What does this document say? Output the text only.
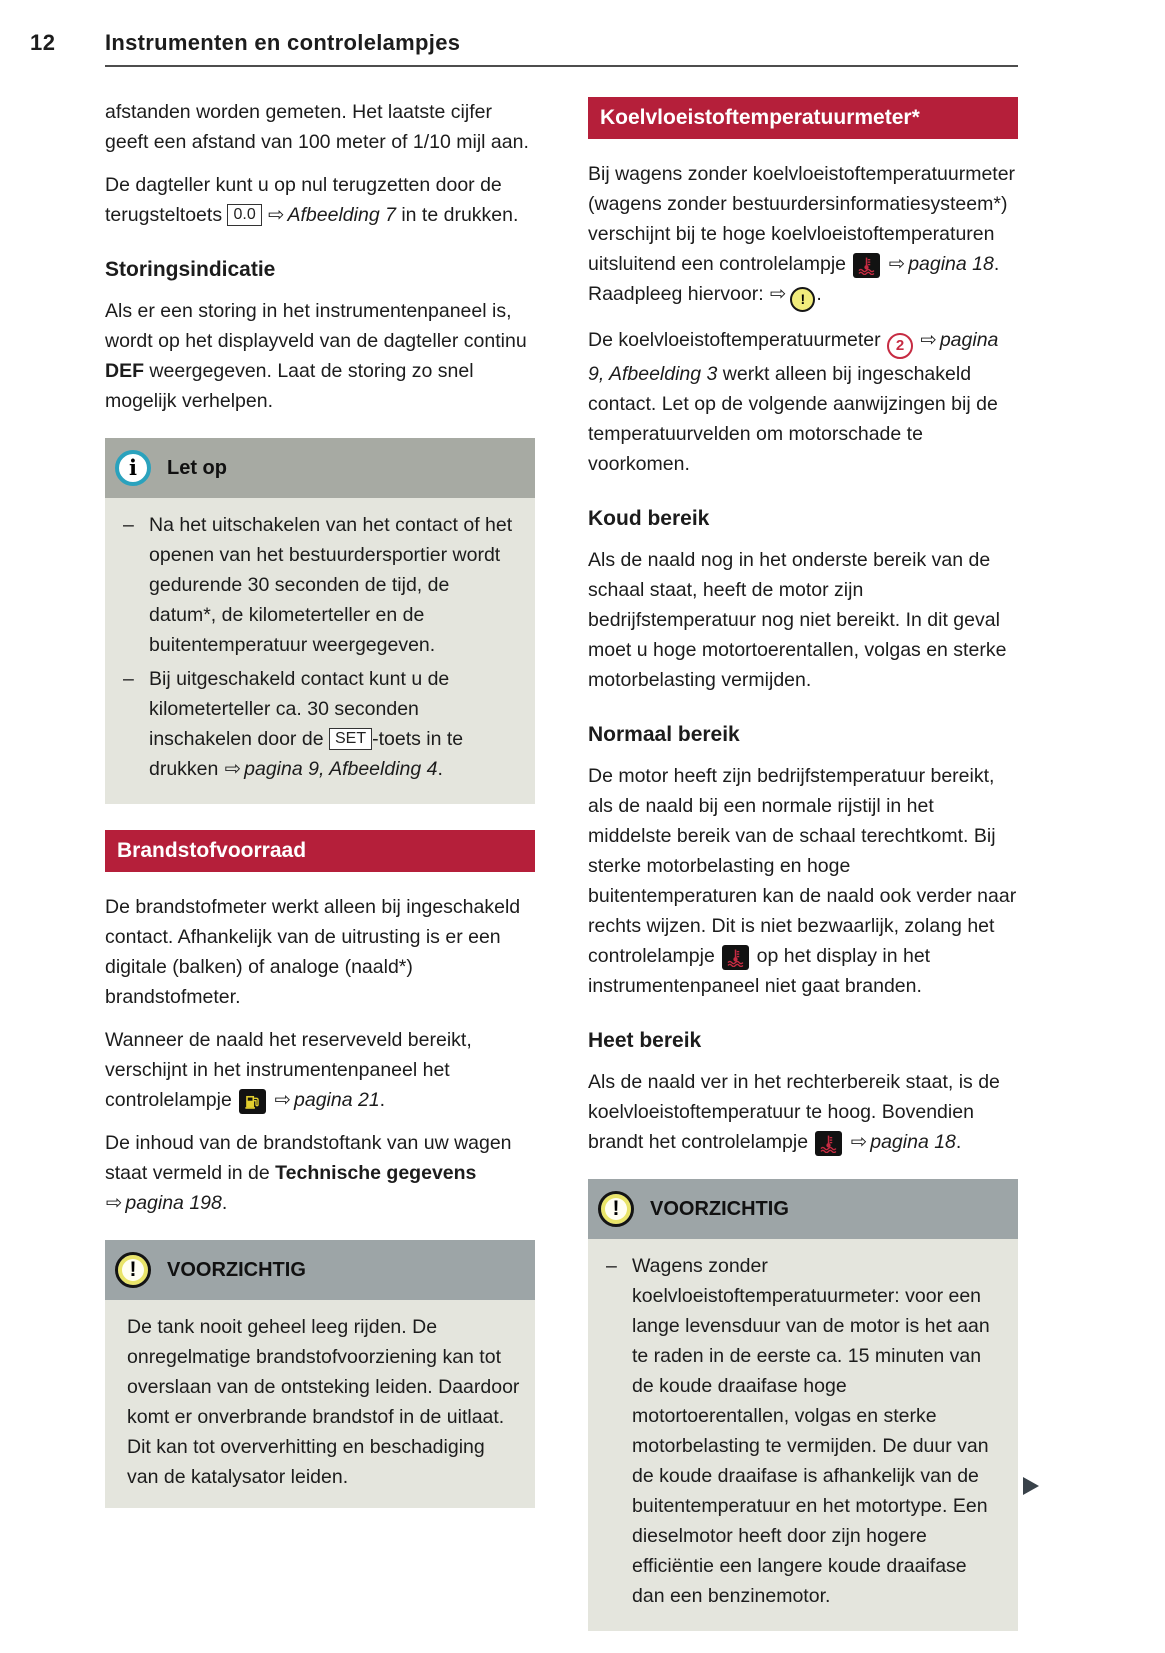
12	Instrumenten en controlelampjes

afstanden worden gemeten. Het laatste cijfer geeft een afstand van 100 meter of 1/10 mijl aan.

De dagteller kunt u op nul terugzetten door de terugsteltoets 0.0 ⇨ Afbeelding 7 in te drukken.

Storingsindicatie

Als er een storing in het instrumentenpaneel is, wordt op het displayveld van de dagteller continu DEF weergegeven. Laat de storing zo snel mogelijk verhelpen.

i	Let op
– Na het uitschakelen van het contact of het openen van het bestuurdersportier wordt gedurende 30 seconden de tijd, de datum*, de kilometerteller en de buitentemperatuur weergegeven.
– Bij uitgeschakeld contact kunt u de kilometerteller ca. 30 seconden inschakelen door de SET -toets in te drukken ⇨ pagina 9, Afbeelding 4.
Brandstofvoorraad

De brandstofmeter werkt alleen bij ingeschakeld contact. Afhankelijk van de uitrusting is er een digitale (balken) of analoge (naald*) brandstofmeter.

Wanneer de naald het reserveveld bereikt, verschijnt in het instrumentenpaneel het controlelampje
⇨ pagina 21.

De inhoud van de brandstoftank van uw wagen staat vermeld in de Technische gegevens ⇨ pagina 198.

!	VOORZICHTIG
De tank nooit geheel leeg rijden. De onregelmatige brandstofvoorziening kan tot overslaan van de ontsteking leiden. Daardoor komt er onverbrande brandstof in de uitlaat. Dit kan tot oververhitting en beschadiging van de katalysator leiden.
Koelvloeistoftemperatuurmeter*

Bij wagens zonder koelvloeistoftemperatuurmeter (wagens zonder bestuurdersinformatiesysteem*) verschijnt bij te hoge koelvloeistoftemperaturen uitsluitend een controlelampje
⇨ pagina 18. Raadpleeg hiervoor: ⇨ ! .

De koelvloeistoftemperatuurmeter 2 ⇨ pagina 9, Afbeelding 3 werkt alleen bij ingeschakeld contact. Let op de volgende aanwijzingen bij de temperatuurvelden om motorschade te voorkomen.

Koud bereik

Als de naald nog in het onderste bereik van de schaal staat, heeft de motor zijn bedrijfstemperatuur nog niet bereikt. In dit geval moet u hoge motortoerentallen, volgas en sterke motorbelasting vermijden.

Normaal bereik

De motor heeft zijn bedrijfstemperatuur bereikt, als de naald bij een normale rijstijl in het middelste bereik van de schaal terechtkomt. Bij sterke motorbelasting en hoge buitentemperaturen kan de naald ook verder naar rechts wijzen. Dit is niet bezwaarlijk, zolang het controlelampje
op het display in het instrumentenpaneel niet gaat branden.

Heet bereik

Als de naald ver in het rechterbereik staat, is de koelvloeistoftemperatuur te hoog. Bovendien brandt het controlelampje
⇨ pagina 18.

!	VOORZICHTIG
– Wagens zonder koelvloeistoftemperatuurmeter: voor een lange levensduur van de motor is het aan te raden in de eerste ca. 15 minuten van de koude draaifase hoge motortoerentallen, volgas en sterke motorbelasting te vermijden. De duur van de koude draaifase is afhankelijk van de buitentemperatuur en het motortype. Een dieselmotor heeft door zijn hogere efficiëntie een langere koude draaifase dan een benzinemotor.
